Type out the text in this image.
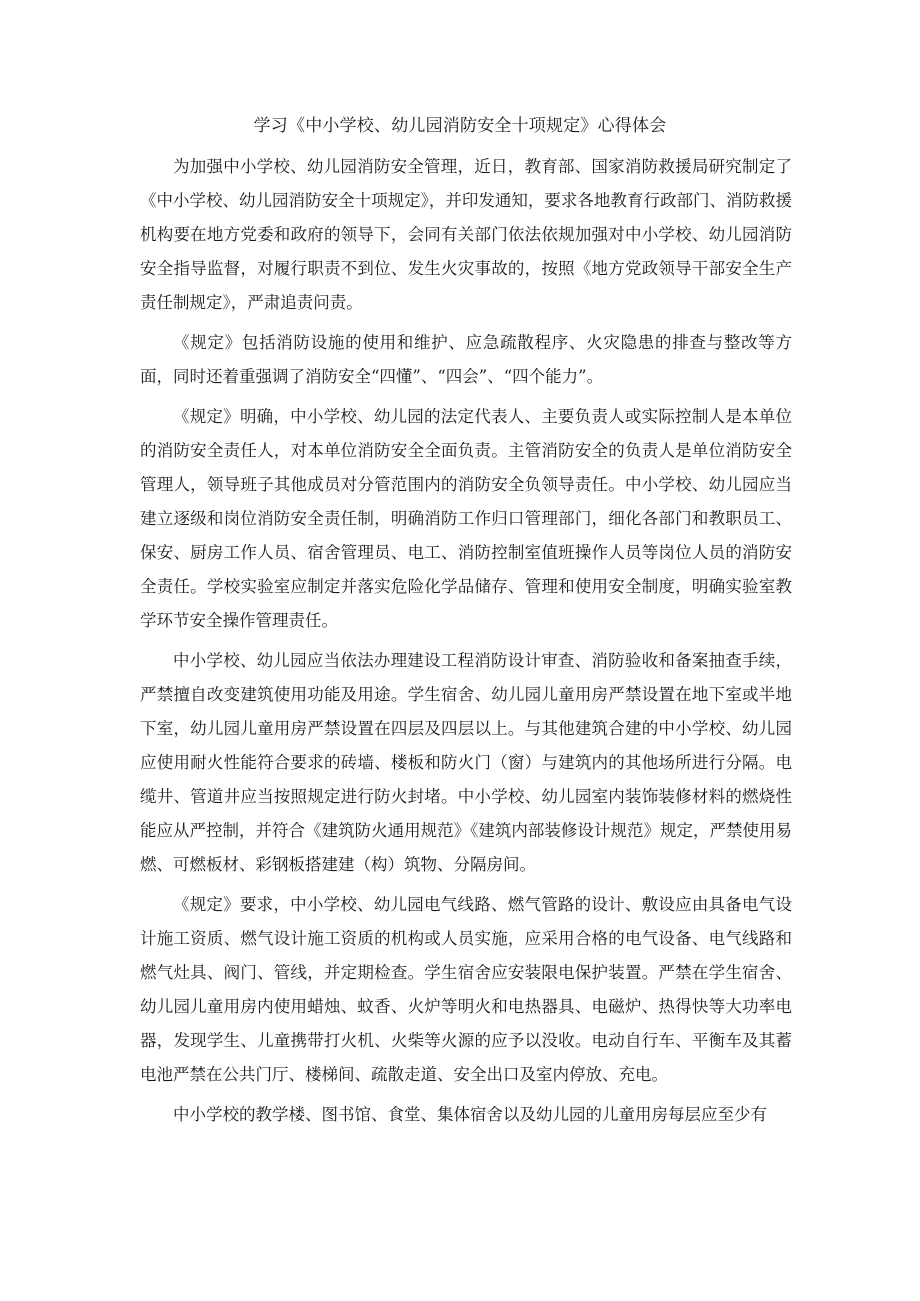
学习《中小学校、幼儿园消防安全十项规定》心得体会

为加强中小学校、幼儿园消防安全管理，近日，教育部、国家消防救援局研究制定了《中小学校、幼儿园消防安全十项规定》，并印发通知，要求各地教育行政部门、消防救援机构要在地方党委和政府的领导下，会同有关部门依法依规加强对中小学校、幼儿园消防安全指导监督，对履行职责不到位、发生火灾事故的，按照《地方党政领导干部安全生产责任制规定》，严肃追责问责。

《规定》包括消防设施的使用和维护、应急疏散程序、火灾隐患的排查与整改等方面，同时还着重强调了消防安全“四懂”、“四会”、“四个能力”。

《规定》明确，中小学校、幼儿园的法定代表人、主要负责人或实际控制人是本单位的消防安全责任人，对本单位消防安全全面负责。主管消防安全的负责人是单位消防安全管理人，领导班子其他成员对分管范围内的消防安全负领导责任。中小学校、幼儿园应当建立逐级和岗位消防安全责任制，明确消防工作归口管理部门，细化各部门和教职员工、保安、厨房工作人员、宿舍管理员、电工、消防控制室值班操作人员等岗位人员的消防安全责任。学校实验室应制定并落实危险化学品储存、管理和使用安全制度，明确实验室教学环节安全操作管理责任。

中小学校、幼儿园应当依法办理建设工程消防设计审查、消防验收和备案抽查手续，严禁擅自改变建筑使用功能及用途。学生宿舍、幼儿园儿童用房严禁设置在地下室或半地下室，幼儿园儿童用房严禁设置在四层及四层以上。与其他建筑合建的中小学校、幼儿园应使用耐火性能符合要求的砖墙、楼板和防火门（窗）与建筑内的其他场所进行分隔。电缆井、管道井应当按照规定进行防火封堵。中小学校、幼儿园室内装饰装修材料的燃烧性能应从严控制，并符合《建筑防火通用规范》《建筑内部装修设计规范》规定，严禁使用易燃、可燃板材、彩钢板搭建建（构）筑物、分隔房间。

《规定》要求，中小学校、幼儿园电气线路、燃气管路的设计、敷设应由具备电气设计施工资质、燃气设计施工资质的机构或人员实施，应采用合格的电气设备、电气线路和燃气灶具、阀门、管线，并定期检查。学生宿舍应安装限电保护装置。严禁在学生宿舍、幼儿园儿童用房内使用蜡烛、蚊香、火炉等明火和电热器具、电磁炉、热得快等大功率电器，发现学生、儿童携带打火机、火柴等火源的应予以没收。电动自行车、平衡车及其蓄电池严禁在公共门厅、楼梯间、疏散走道、安全出口及室内停放、充电。

中小学校的教学楼、图书馆、食堂、集体宿舍以及幼儿园的儿童用房每层应至少有
